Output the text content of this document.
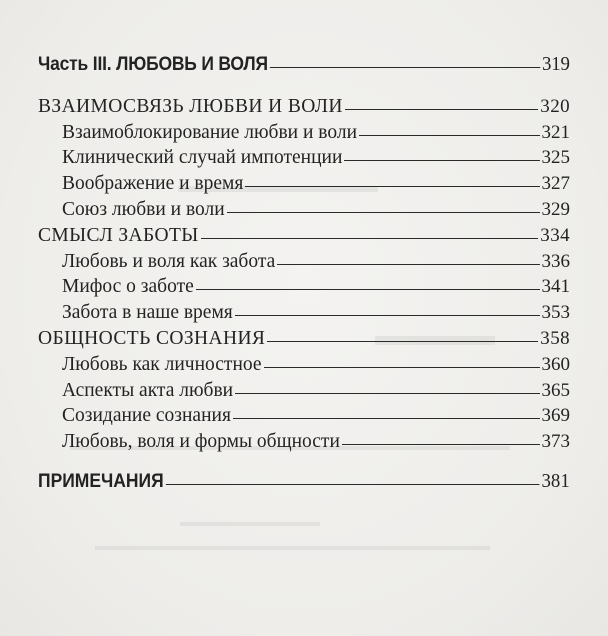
Часть III. ЛЮБОВЬ И ВОЛЯ	319
ВЗАИМОСВЯЗЬ ЛЮБВИ И ВОЛИ	320
Взаимоблокирование любви и воли	321
Клинический случай импотенции	325
Воображение и время	327
Союз любви и воли	329
СМЫСЛ ЗАБОТЫ	334
Любовь и воля как забота	336
Мифос о заботе	341
Забота в наше время	353
ОБЩНОСТЬ СОЗНАНИЯ	358
Любовь как личностное	360
Аспекты акта любви	365
Созидание сознания	369
Любовь, воля и формы общности	373
ПРИМЕЧАНИЯ	381
